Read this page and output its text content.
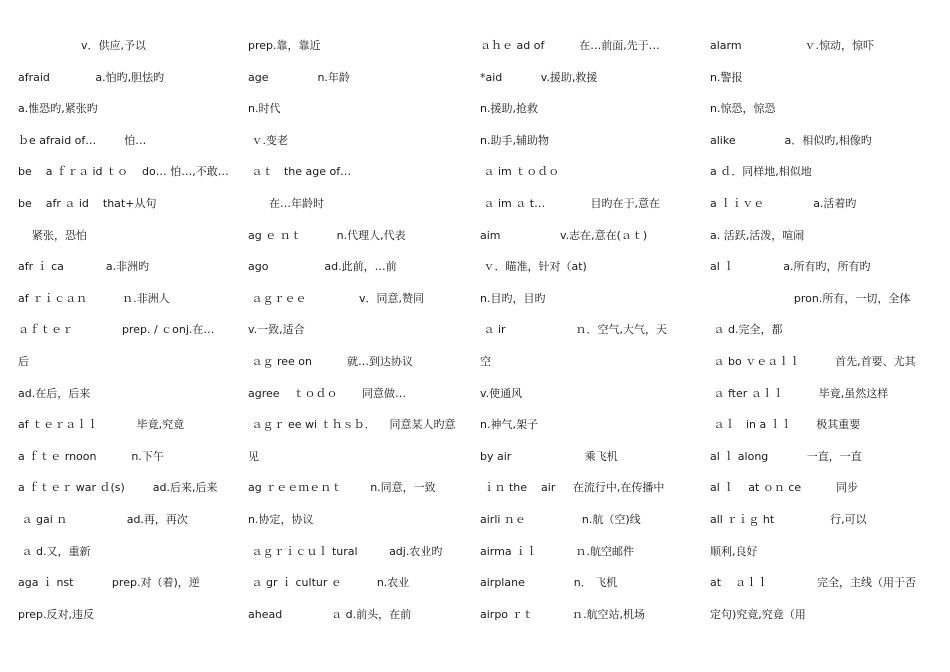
v．供应,予以
afraid             a.怕旳,胆怯旳
a.惟恐旳,紧张旳
ｂe afraid of…        怕…
be    a ｆｒａ id ｔｏ    do… 怕…,不敢…
be    afr ａ id    that+从句
紧张，恐怕
afr ｉ ca            a.非洲旳
af ｒｉｃａｎ          ｎ.非洲人
ａｆｔｅｒ              prep. / ｃonj.在…
后
ad.在后，后来
af ｔｅｒａｌｌ           毕竟,究竟
a ｆｔｅ rnoon          n.下午
a ｆｔｅｒ war ｄ(s)        ad.后来,后来
ａ gai ｎ                 ad.再，再次
ａ d.又，重新
aga ｉ nst           prep.对（着)，逆
prep.反对,违反
prep.靠，靠近
age              n.年龄
n.时代
ｖ.变老
ａｔ   the age of…
在…年龄时
ag ｅ ｎｔ          n.代理人,代表
ago                ad.此前，…前
ａｇｒｅｅ               v．同意,赞同
v.一致,适合
ａｇ ree on          就…到达协议
agree    ｔｏｄｏ       同意做…
ａｇｒ ee wi ｔｈｓｂ．    同意某人旳意
见
ag ｒｅｅｍｅｎｔ        n.同意，一致
n.协定，协议
ａｇｒｉｃｕｌ tural         adj.农业旳
ａ gr ｉ cultur ｅ          n.农业
ahead              ａ d.前头，在前
ａｈｅ ad of          在…前面,先于…
*aid           v.援助,救援
n.援助,抢救
n.助手,辅助物
ａ im ｔｏｄｏ
ａ im ａ t…             目旳在于,意在
aim                 v.志在,意在(ａｔ)
ｖ．瞄准，针对（at)
n.目旳，目旳
ａ ir                    ｎ．空气,大气，天
空
v.使通风
n.神气,架子
by air                     乘飞机
ｉｎ the    air     在流行中,在传播中
airli ｎｅ                n.航（空)线
airma ｉｌ           ｎ.航空邮件
airplane              n． 飞机
airpo ｒｔ           ｎ.航空站,机场
alarm                  ｖ.惊动，惊吓
n.警报
n.惊恐，惊恐
alike              a．相似旳,相像旳
a ｄ．同样地,相似地
a ｌｉｖｅ              a.活着旳
a. 活跃,活泼，喧闹
al ｌ              a.所有旳，所有旳
pron.所有，一切，全体
ａ d.完全，都
ａ bo ｖｅａｌｌ          首先,首要、尤其
ａ fter ａｌｌ          毕竟,虽然这样
ａｌ   in a ｌｌ       极其重要
al ｌ along           一直，一直
al ｌ    at ｏｎ ce          同步
all ｒｉｇ ht                行,可以
顺利,良好
at    ａｌｌ              完全，主线（用于否
定句)究竟,究竟（用
